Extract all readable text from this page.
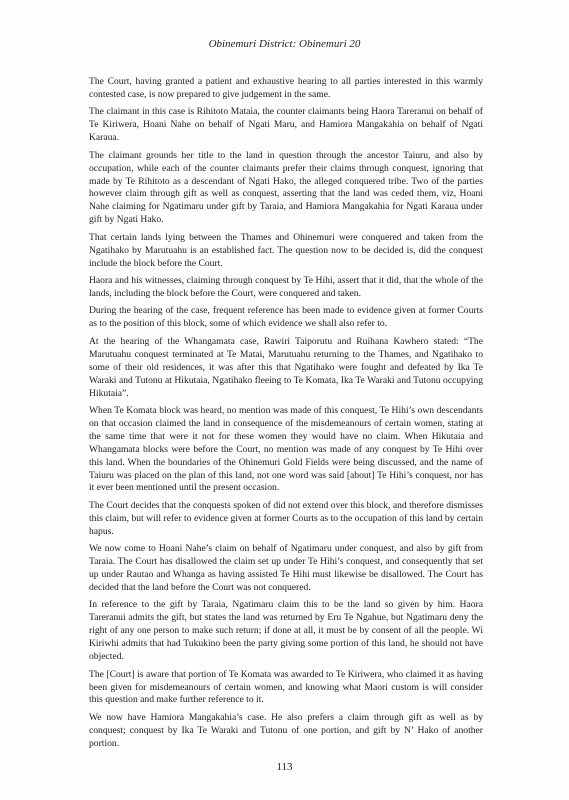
Obinemuri District: Obinemuri 20

The Court, having granted a patient and exhaustive hearing to all parties interested in this warmly contested case, is now prepared to give judgement in the same.

The claimant in this case is Rihitoto Mataia, the counter claimants being Haora Tareranui on behalf of Te Kiriwera, Hoani Nahe on behalf of Ngati Maru, and Hamiora Mangakahia on behalf of Ngati Karaua.

The claimant grounds her title to the land in question through the ancestor Taiuru, and also by occupation, while each of the counter claimants prefer their claims through conquest, ignoring that made by Te Rihitoto as a descendant of Ngati Hako, the alleged conquered tribe. Two of the parties however claim through gift as well as conquest, asserting that the land was ceded them, viz, Hoani Nahe claiming for Ngatimaru under gift by Taraia, and Hamiora Mangakahia for Ngati Karaua under gift by Ngati Hako.

That certain lands lying between the Thames and Ohinemuri were conquered and taken from the Ngatihako by Marutuahu is an established fact. The question now to be decided is, did the conquest include the block before the Court.

Haora and his witnesses, claiming through conquest by Te Hihi, assert that it did, that the whole of the lands, including the block before the Court, were conquered and taken.

During the hearing of the case, frequent reference has been made to evidence given at former Courts as to the position of this block, some of which evidence we shall also refer to.

At the hearing of the Whangamata case, Rawiri Taiporutu and Ruihana Kawhero stated: “The Marutuahu conquest terminated at Te Matai, Marutuahu returning to the Thames, and Ngatihako to some of their old residences, it was after this that Ngatihako were fought and defeated by Ika Te Waraki and Tutonu at Hikutaia, Ngatihako fleeing to Te Komata, Ika Te Waraki and Tutonu occupying Hikutaia”.

When Te Komata block was heard, no mention was made of this conquest, Te Hihi’s own descendants on that occasion claimed the land in consequence of the misdemeanours of certain women, stating at the same time that were it not for these women they would have no claim. When Hikutaia and Whangamata blocks were before the Court, no mention was made of any conquest by Te Hihi over this land. When the boundaries of the Ohinemuri Gold Fields were being discussed, and the name of Taiuru was placed on the plan of this land, not one word was said [about] Te Hihi’s conquest, nor has it ever been mentioned until the present occasion.

The Court decides that the conquests spoken of did not extend over this block, and therefore dismisses this claim, but will refer to evidence given at former Courts as to the occupation of this land by certain hapus.

We now come to Hoani Nahe’s claim on behalf of Ngatimaru under conquest, and also by gift from Taraia. The Court has disallowed the claim set up under Te Hihi’s conquest, and consequently that set up under Rautao and Whanga as having assisted Te Hihi must likewise be disallowed. The Court has decided that the land before the Court was not conquered.

In reference to the gift by Taraia, Ngatimaru claim this to be the land so given by him. Haora Tareranui admits the gift, but states the land was returned by Eru Te Ngahue, but Ngatimaru deny the right of any one person to make such return; if done at all, it must be by consent of all the people. Wi Kiriwhi admits that had Tukukino been the party giving some portion of this land, he should not have objected.

The [Court] is aware that portion of Te Komata was awarded to Te Kiriwera, who claimed it as having been given for misdemeanours of certain women, and knowing what Maori custom is will consider this question and make further reference to it.

We now have Hamiora Mangakahia’s case. He also prefers a claim through gift as well as by conquest; conquest by Ika Te Waraki and Tutonu of one portion, and gift by N’ Hako of another portion.

113
